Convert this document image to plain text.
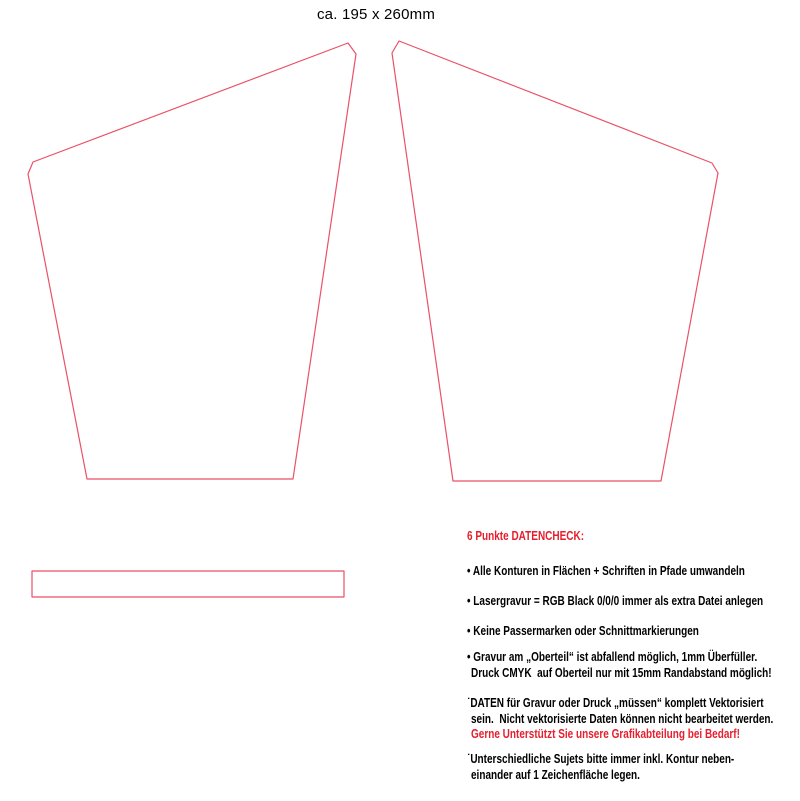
ca. 195 x 260mm
6 Punkte DATENCHECK:
• Alle Konturen in Flächen + Schriften in Pfade umwandeln
• Lasergravur = RGB Black 0/0/0 immer als extra Datei anlegen
• Keine Passermarken oder Schnittmarkierungen
• Gravur am „Oberteil“ ist abfallend möglich, 1mm Überfüller.
Druck CMYK  auf Oberteil nur mit 15mm Randabstand möglich!
˙DATEN für Gravur oder Druck „müssen“ komplett Vektorisiert
sein.  Nicht vektorisierte Daten können nicht bearbeitet werden.
Gerne Unterstützt Sie unsere Grafikabteilung bei Bedarf!
˙Unterschiedliche Sujets bitte immer inkl. Kontur neben-
einander auf 1 Zeichenfläche legen.
